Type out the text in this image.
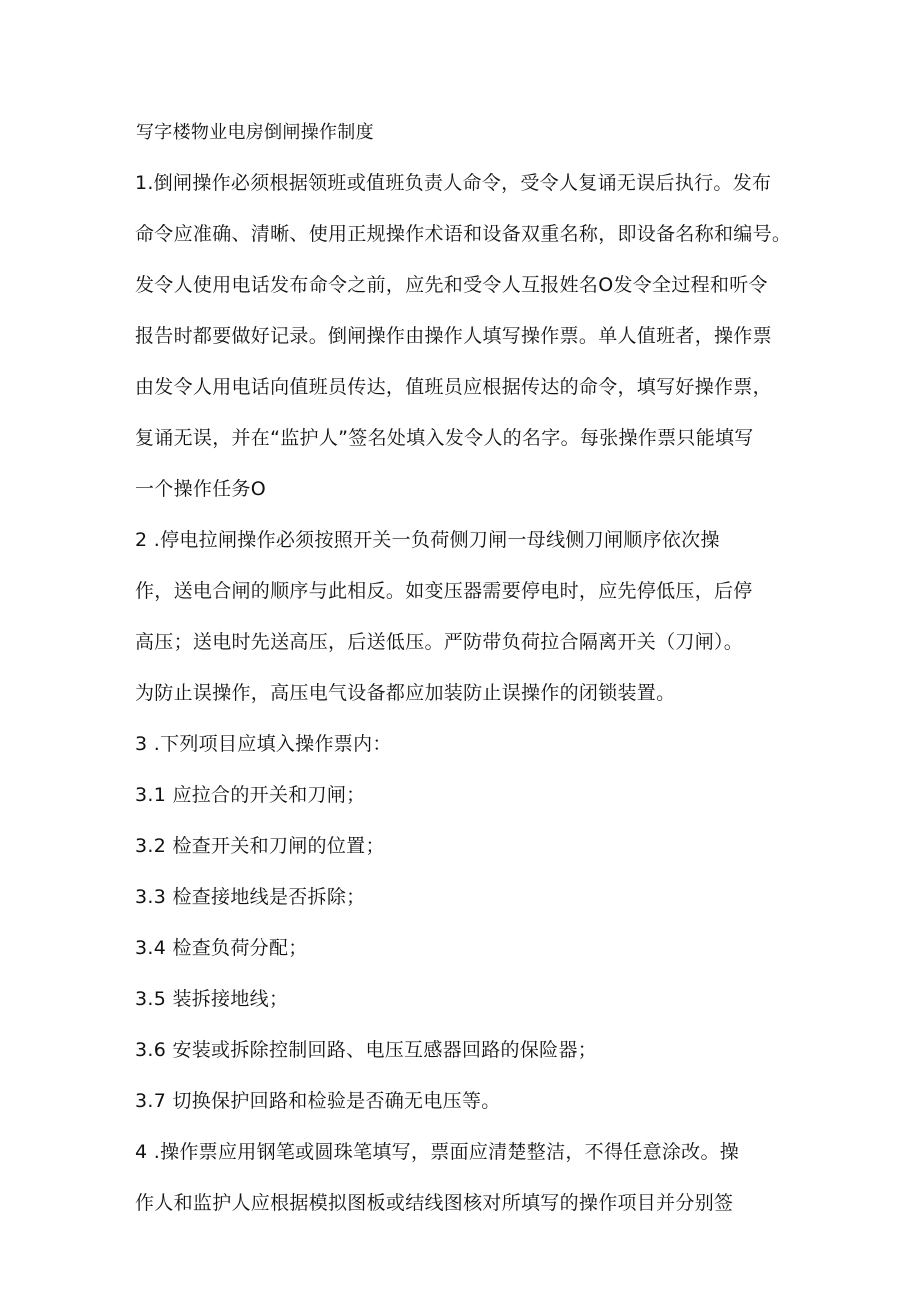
写字楼物业电房倒闸操作制度
1.倒闸操作必须根据领班或值班负责人命令，受令人复诵无误后执行。发布
命令应准确、清晰、使用正规操作术语和设备双重名称，即设备名称和编号。
发令人使用电话发布命令之前，应先和受令人互报姓名O发令全过程和听令
报告时都要做好记录。倒闸操作由操作人填写操作票。单人值班者，操作票
由发令人用电话向值班员传达，值班员应根据传达的命令，填写好操作票，
复诵无误，并在“监护人”签名处填入发令人的名字。每张操作票只能填写
一个操作任务O
2 .停电拉闸操作必须按照开关一负荷侧刀闸一母线侧刀闸顺序依次操
作，送电合闸的顺序与此相反。如变压器需要停电时，应先停低压，后停
高压；送电时先送高压，后送低压。严防带负荷拉合隔离开关（刀闸）。
为防止误操作，高压电气设备都应加装防止误操作的闭锁装置。
3 .下列项目应填入操作票内：
3.1 应拉合的开关和刀闸；
3.2 检查开关和刀闸的位置；
3.3 检查接地线是否拆除；
3.4 检查负荷分配；
3.5 装拆接地线；
3.6 安装或拆除控制回路、电压互感器回路的保险器；
3.7 切换保护回路和检验是否确无电压等。
4 .操作票应用钢笔或圆珠笔填写，票面应清楚整洁，不得任意涂改。操
作人和监护人应根据模拟图板或结线图核对所填写的操作项目并分别签
